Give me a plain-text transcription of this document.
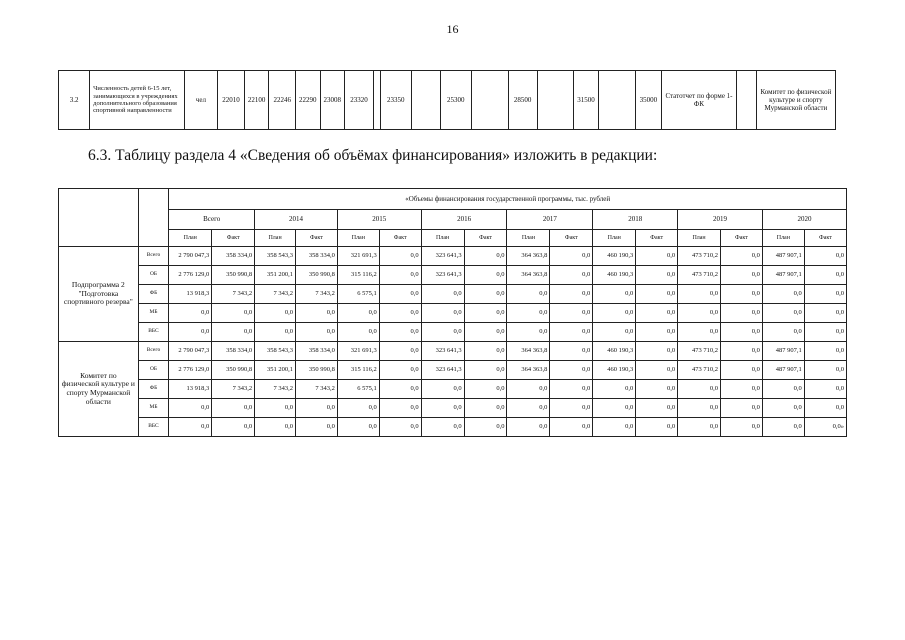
16
3.2	Численность детей 6-15 лет, занимающихся в учреждениях дополнительного образования спортивной направленности	чел	22010	22100	22246	22290	23008	23320		23350		25300		28500		31500		35000	Статотчет по форме 1-ФК		Комитет по физической культуре и спорту Мурманской области
6.3. Таблицу раздела 4 «Сведения об объёмах финансирования» изложить в редакции:
		«Объемы финансирования государственной программы, тыс. рублей															
		Всего		2014		2015		2016		2017		2018		2019		2020	
		План	Факт	План	Факт	План	Факт	План	Факт	План	Факт	План	Факт	План	Факт	План	Факт
Подпрограмма 2 "Подготовка спортивного резерва"	Всего	2 790 047,3	358 334,0	358 543,3	358 334,0	321 691,3	0,0	323 641,3	0,0	364 363,8	0,0	460 190,3	0,0	473 710,2	0,0	487 907,1	0,0
	ОБ	2 776 129,0	350 990,8	351 200,1	350 990,8	315 116,2	0,0	323 641,3	0,0	364 363,8	0,0	460 190,3	0,0	473 710,2	0,0	487 907,1	0,0
	ФБ	13 918,3	7 343,2	7 343,2	7 343,2	6 575,1	0,0	0,0	0,0	0,0	0,0	0,0	0,0	0,0	0,0	0,0	0,0
	МБ	0,0	0,0	0,0	0,0	0,0	0,0	0,0	0,0	0,0	0,0	0,0	0,0	0,0	0,0	0,0	0,0
	ВБС	0,0	0,0	0,0	0,0	0,0	0,0	0,0	0,0	0,0	0,0	0,0	0,0	0,0	0,0	0,0	0,0
Комитет по физической культуре и спорту Мурманской области	Всего	2 790 047,3	358 334,0	358 543,3	358 334,0	321 691,3	0,0	323 641,3	0,0	364 363,8	0,0	460 190,3	0,0	473 710,2	0,0	487 907,1	0,0
	ОБ	2 776 129,0	350 990,8	351 200,1	350 990,8	315 116,2	0,0	323 641,3	0,0	364 363,8	0,0	460 190,3	0,0	473 710,2	0,0	487 907,1	0,0
	ФБ	13 918,3	7 343,2	7 343,2	7 343,2	6 575,1	0,0	0,0	0,0	0,0	0,0	0,0	0,0	0,0	0,0	0,0	0,0
	МБ	0,0	0,0	0,0	0,0	0,0	0,0	0,0	0,0	0,0	0,0	0,0	0,0	0,0	0,0	0,0	0,0
	ВБС	0,0	0,0	0,0	0,0	0,0	0,0	0,0	0,0	0,0	0,0	0,0	0,0	0,0	0,0	0,0	0,0»
